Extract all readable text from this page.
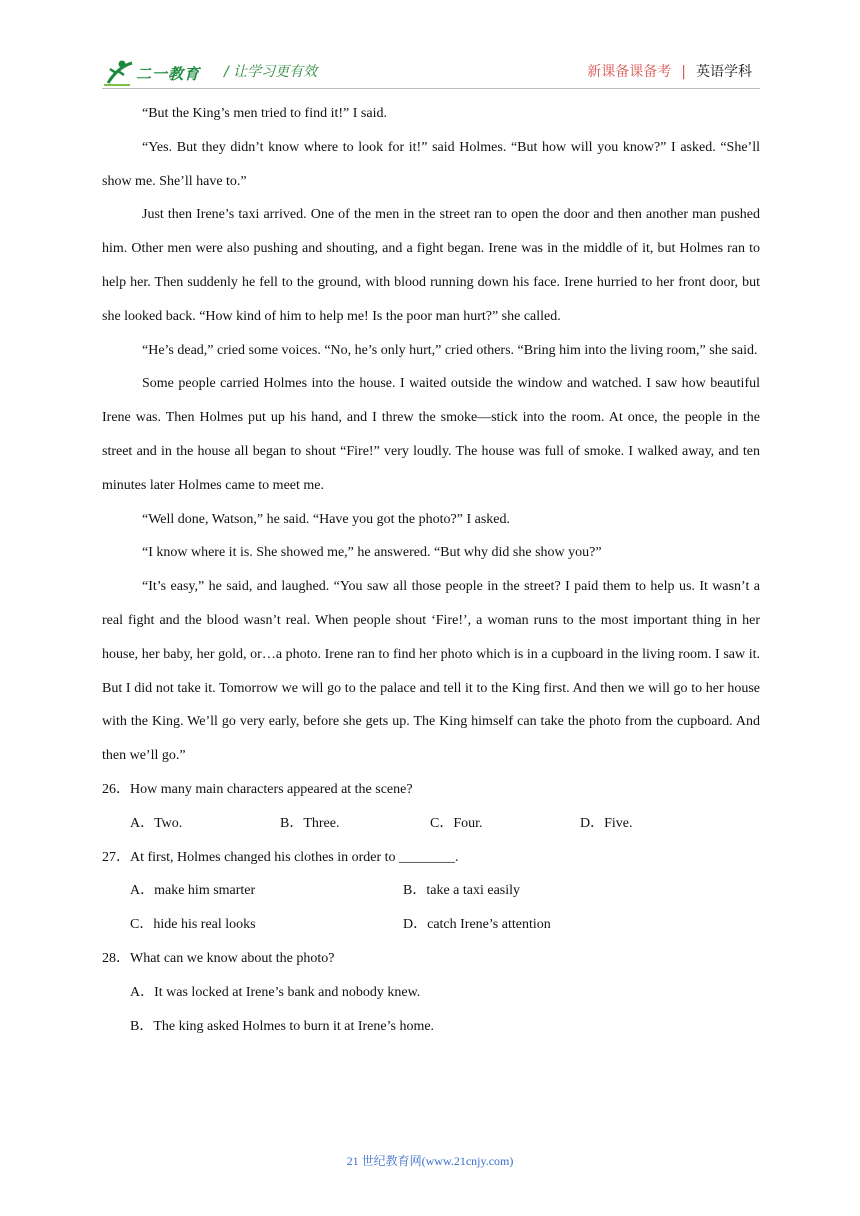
二一教育 / 让学习更有效	新课备课备考 | 英语学科

“But the King’s men tried to find it!” I said.

“Yes. But they didn’t know where to look for it!” said Holmes. “But how will you know?” I asked. “She’ll show me. She’ll have to.”

Just then Irene’s taxi arrived. One of the men in the street ran to open the door and then another man pushed him. Other men were also pushing and shouting, and a fight began. Irene was in the middle of it, but Holmes ran to help her. Then suddenly he fell to the ground, with blood running down his face. Irene hurried to her front door, but she looked back. “How kind of him to help me! Is the poor man hurt?” she called.

“He’s dead,” cried some voices. “No, he’s only hurt,” cried others. “Bring him into the living room,” she said.

Some people carried Holmes into the house. I waited outside the window and watched. I saw how beautiful Irene was. Then Holmes put up his hand, and I threw the smoke—stick into the room. At once, the people in the street and in the house all began to shout “Fire!” very loudly. The house was full of smoke. I walked away, and ten minutes later Holmes came to meet me.

“Well done, Watson,” he said. “Have you got the photo?” I asked.

“I know where it is. She showed me,” he answered. “But why did she show you?”

“It’s easy,” he said, and laughed. “You saw all those people in the street? I paid them to help us. It wasn’t a real fight and the blood wasn’t real. When people shout ‘Fire!’, a woman runs to the most important thing in her house, her baby, her gold, or…a photo. Irene ran to find her photo which is in a cupboard in the living room. I saw it. But I did not take it. Tomorrow we will go to the palace and tell it to the King first. And then we will go to her house with the King. We’ll go very early, before she gets up. The King himself can take the photo from the cupboard. And then we’ll go.”

26．How many main characters appeared at the scene?

A．Two.	B．Three.	C．Four.	D．Five.

27．At first, Holmes changed his clothes in order to ________.

A．make him smarter	B．take a taxi easily
C．hide his real looks	D．catch Irene’s attention

28．What can we know about the photo?

A．It was locked at Irene’s bank and nobody knew.
B．The king asked Holmes to burn it at Irene’s home.
21 世纪教育网(www.21cnjy.com)
